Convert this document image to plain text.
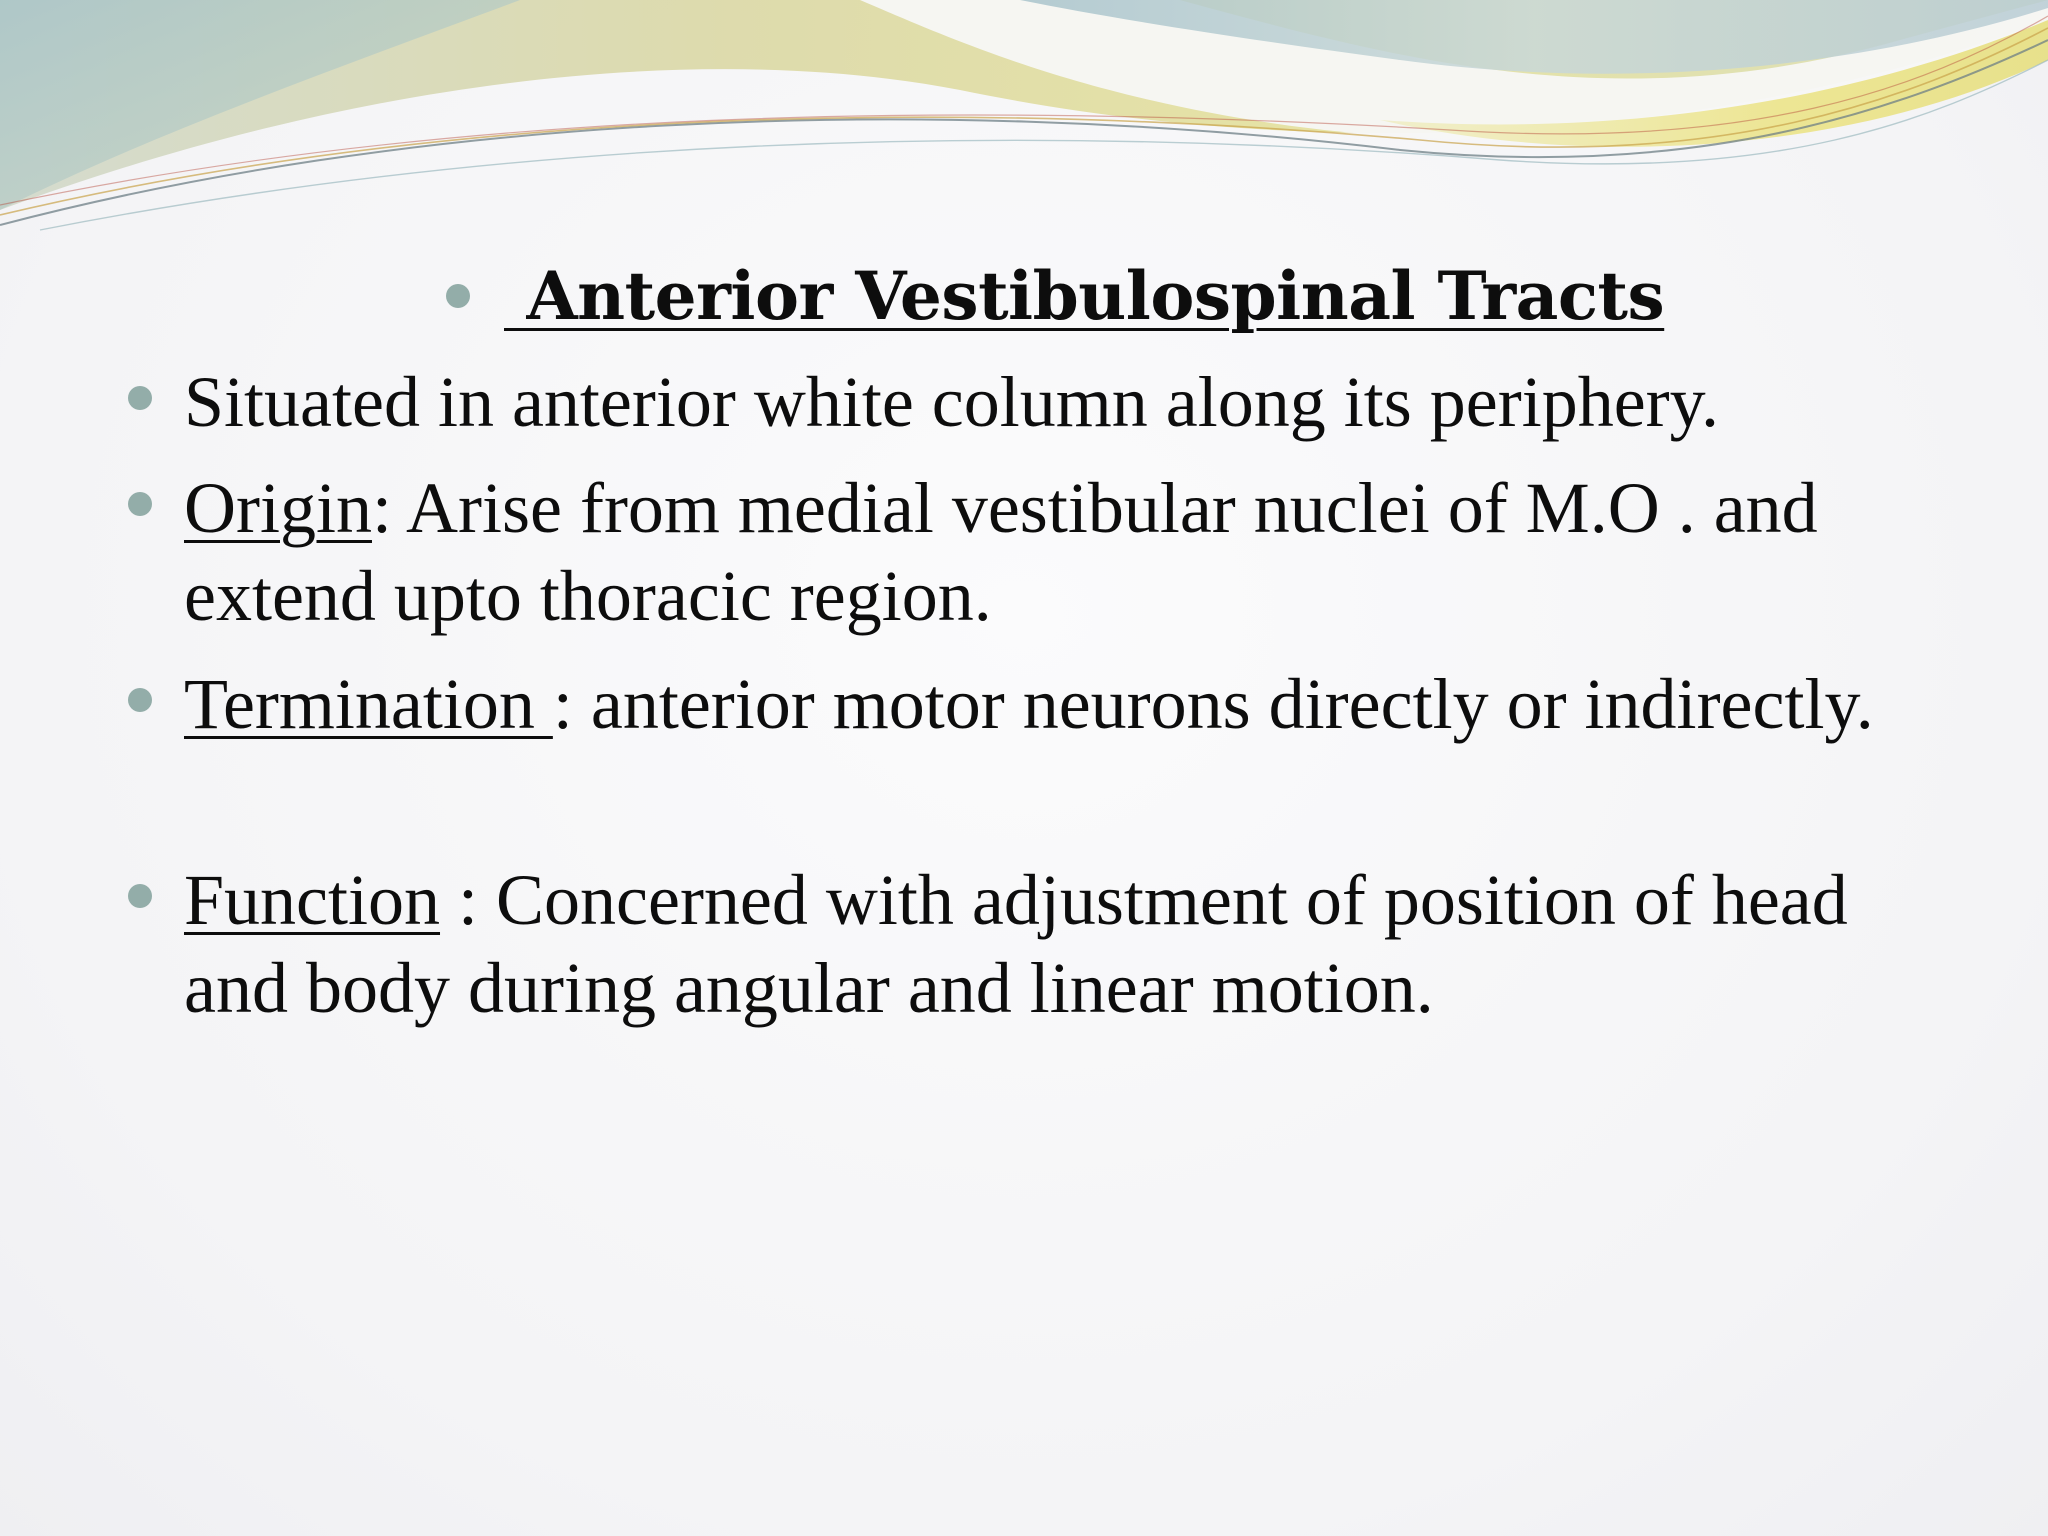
Anterior Vestibulospinal Tracts
Situated in anterior white column along its periphery.
Origin: Arise from medial vestibular nuclei of M.O . and extend upto thoracic region.
Termination : anterior motor neurons directly or indirectly.
Function : Concerned with adjustment of position of head and body during angular and linear motion.
